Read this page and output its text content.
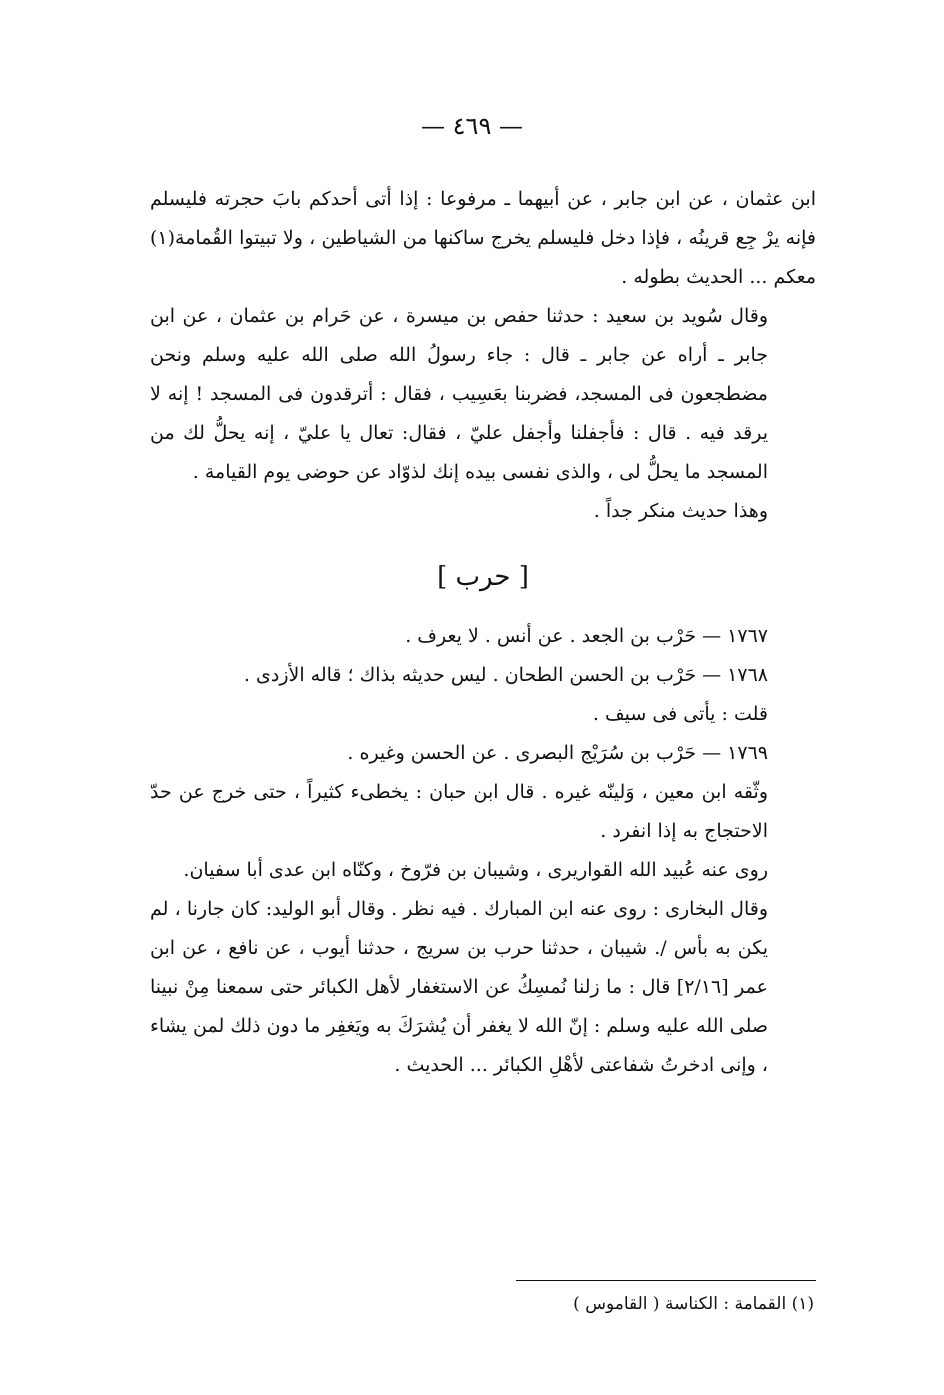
— ٤٦٩ —

ابن عثمان ، عن ابن جابر ، عن أبيهما ـ مرفوعا : إذا أتى أحدكم بابَ حجرته فليسلم فإنه يرْ جِع قرينُه ، فإذا دخل فليسلم يخرج ساكنها من الشياطين ، ولا تبيتوا القُمامة(١) معكم ... الحديث بطوله .

وقال سُويد بن سعيد : حدثنا حفص بن ميسرة ، عن حَرام بن عثمان ، عن ابن جابر ـ أراه عن جابر ـ قال : جاء رسولُ الله صلى الله عليه وسلم ونحن مضطجعون فى المسجد، فضربنا بعَسِيب ، فقال : أترقدون فى المسجد ! إنه لا يرقد فيه . قال : فأجفلنا وأجفل عليّ ، فقال: تعال يا عليّ ، إنه يحلُّ لك من المسجد ما يحلُّ لى ، والذى نفسى بيده إنك لذوّاد عن حوضى يوم القيامة .

وهذا حديث منكر جداً .

[ حرب ]

١٧٦٧ — حَرْب بن الجعد . عن أنس . لا يعرف .

١٧٦٨ — حَرْب بن الحسن الطحان . ليس حديثه بذاك ؛ قاله الأزدى .

قلت : يأتى فى سيف .

١٧٦٩ — حَرْب بن سُرَيْج البصرى . عن الحسن وغيره .

وثّقه ابن معين ، وَلينّه غيره . قال ابن حبان : يخطىء كثيراً ، حتى خرج عن حدّ الاحتجاج به إذا انفرد .

روى عنه عُبيد الله القواريرى ، وشيبان بن فرّوخ ، وكنّاه ابن عدى أبا سفيان.

وقال البخارى : روى عنه ابن المبارك . فيه نظر . وقال أبو الوليد: كان جارنا ، لم يكن به بأس /. شيبان ، حدثنا حرب بن سريج ، حدثنا أيوب ، عن نافع ، عن ابن عمر [٢/١٦] قال : ما زلنا نُمسِكُ عن الاستغفار لأهل الكبائر حتى سمعنا مِنْ نبينا صلى الله عليه وسلم : إنّ الله لا يغفر أن يُشرَكَ به ويَغفِر ما دون ذلك لمن يشاء ، وإنى ادخرتُ شفاعتى لأهْلِ الكبائر ... الحديث .

(١) القمامة : الكناسة ( القاموس )
